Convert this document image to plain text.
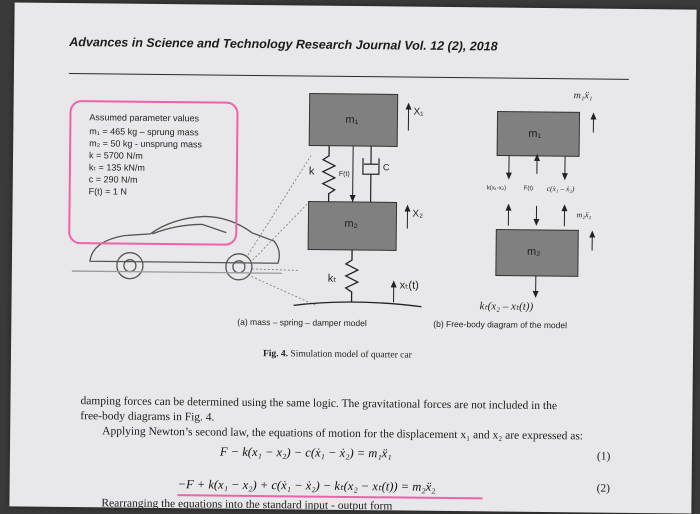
Advances in Science and Technology Research Journal Vol. 12 (2), 2018
Assumed parameter values
m₁ = 465 kg – sprung mass
m₂ = 50 kg - unsprung mass
k = 5700 N/m
kₜ = 135 kN/m
c = 290 N/m
F(t) = 1 N
m₁
m₂
k	F(t)
C
X₁
X₂
kₜ
xₜ(t)
(a) mass – spring – damper model
m₁
m₂
m₁ẍ₁
k(x₁-x₂)	F(t) c(ẋ₁ – ẋ₂)
m₂ẍ₂
kₜ(x₂ – xₜ(t))
(b) Free-body diagram of the model
Fig. 4. Simulation model of quarter car
damping forces can be determined using the same logic. The gravitational forces are not included in the
free-body diagrams in Fig. 4.
Applying Newton’s second law, the equations of motion for the displacement x₁ and x₂ are expressed as:
F − k(x₁ − x₂) − c(ẋ₁ − ẋ₂) = m₁ẍ₁	(1)
−F + k(x₁ − x₂) + c(ẋ₁ − ẋ₂) − kₜ(x₂ − xₜ(t)) = m₂ẍ₂	(2)
Rearranging the equations into the standard input - output form
